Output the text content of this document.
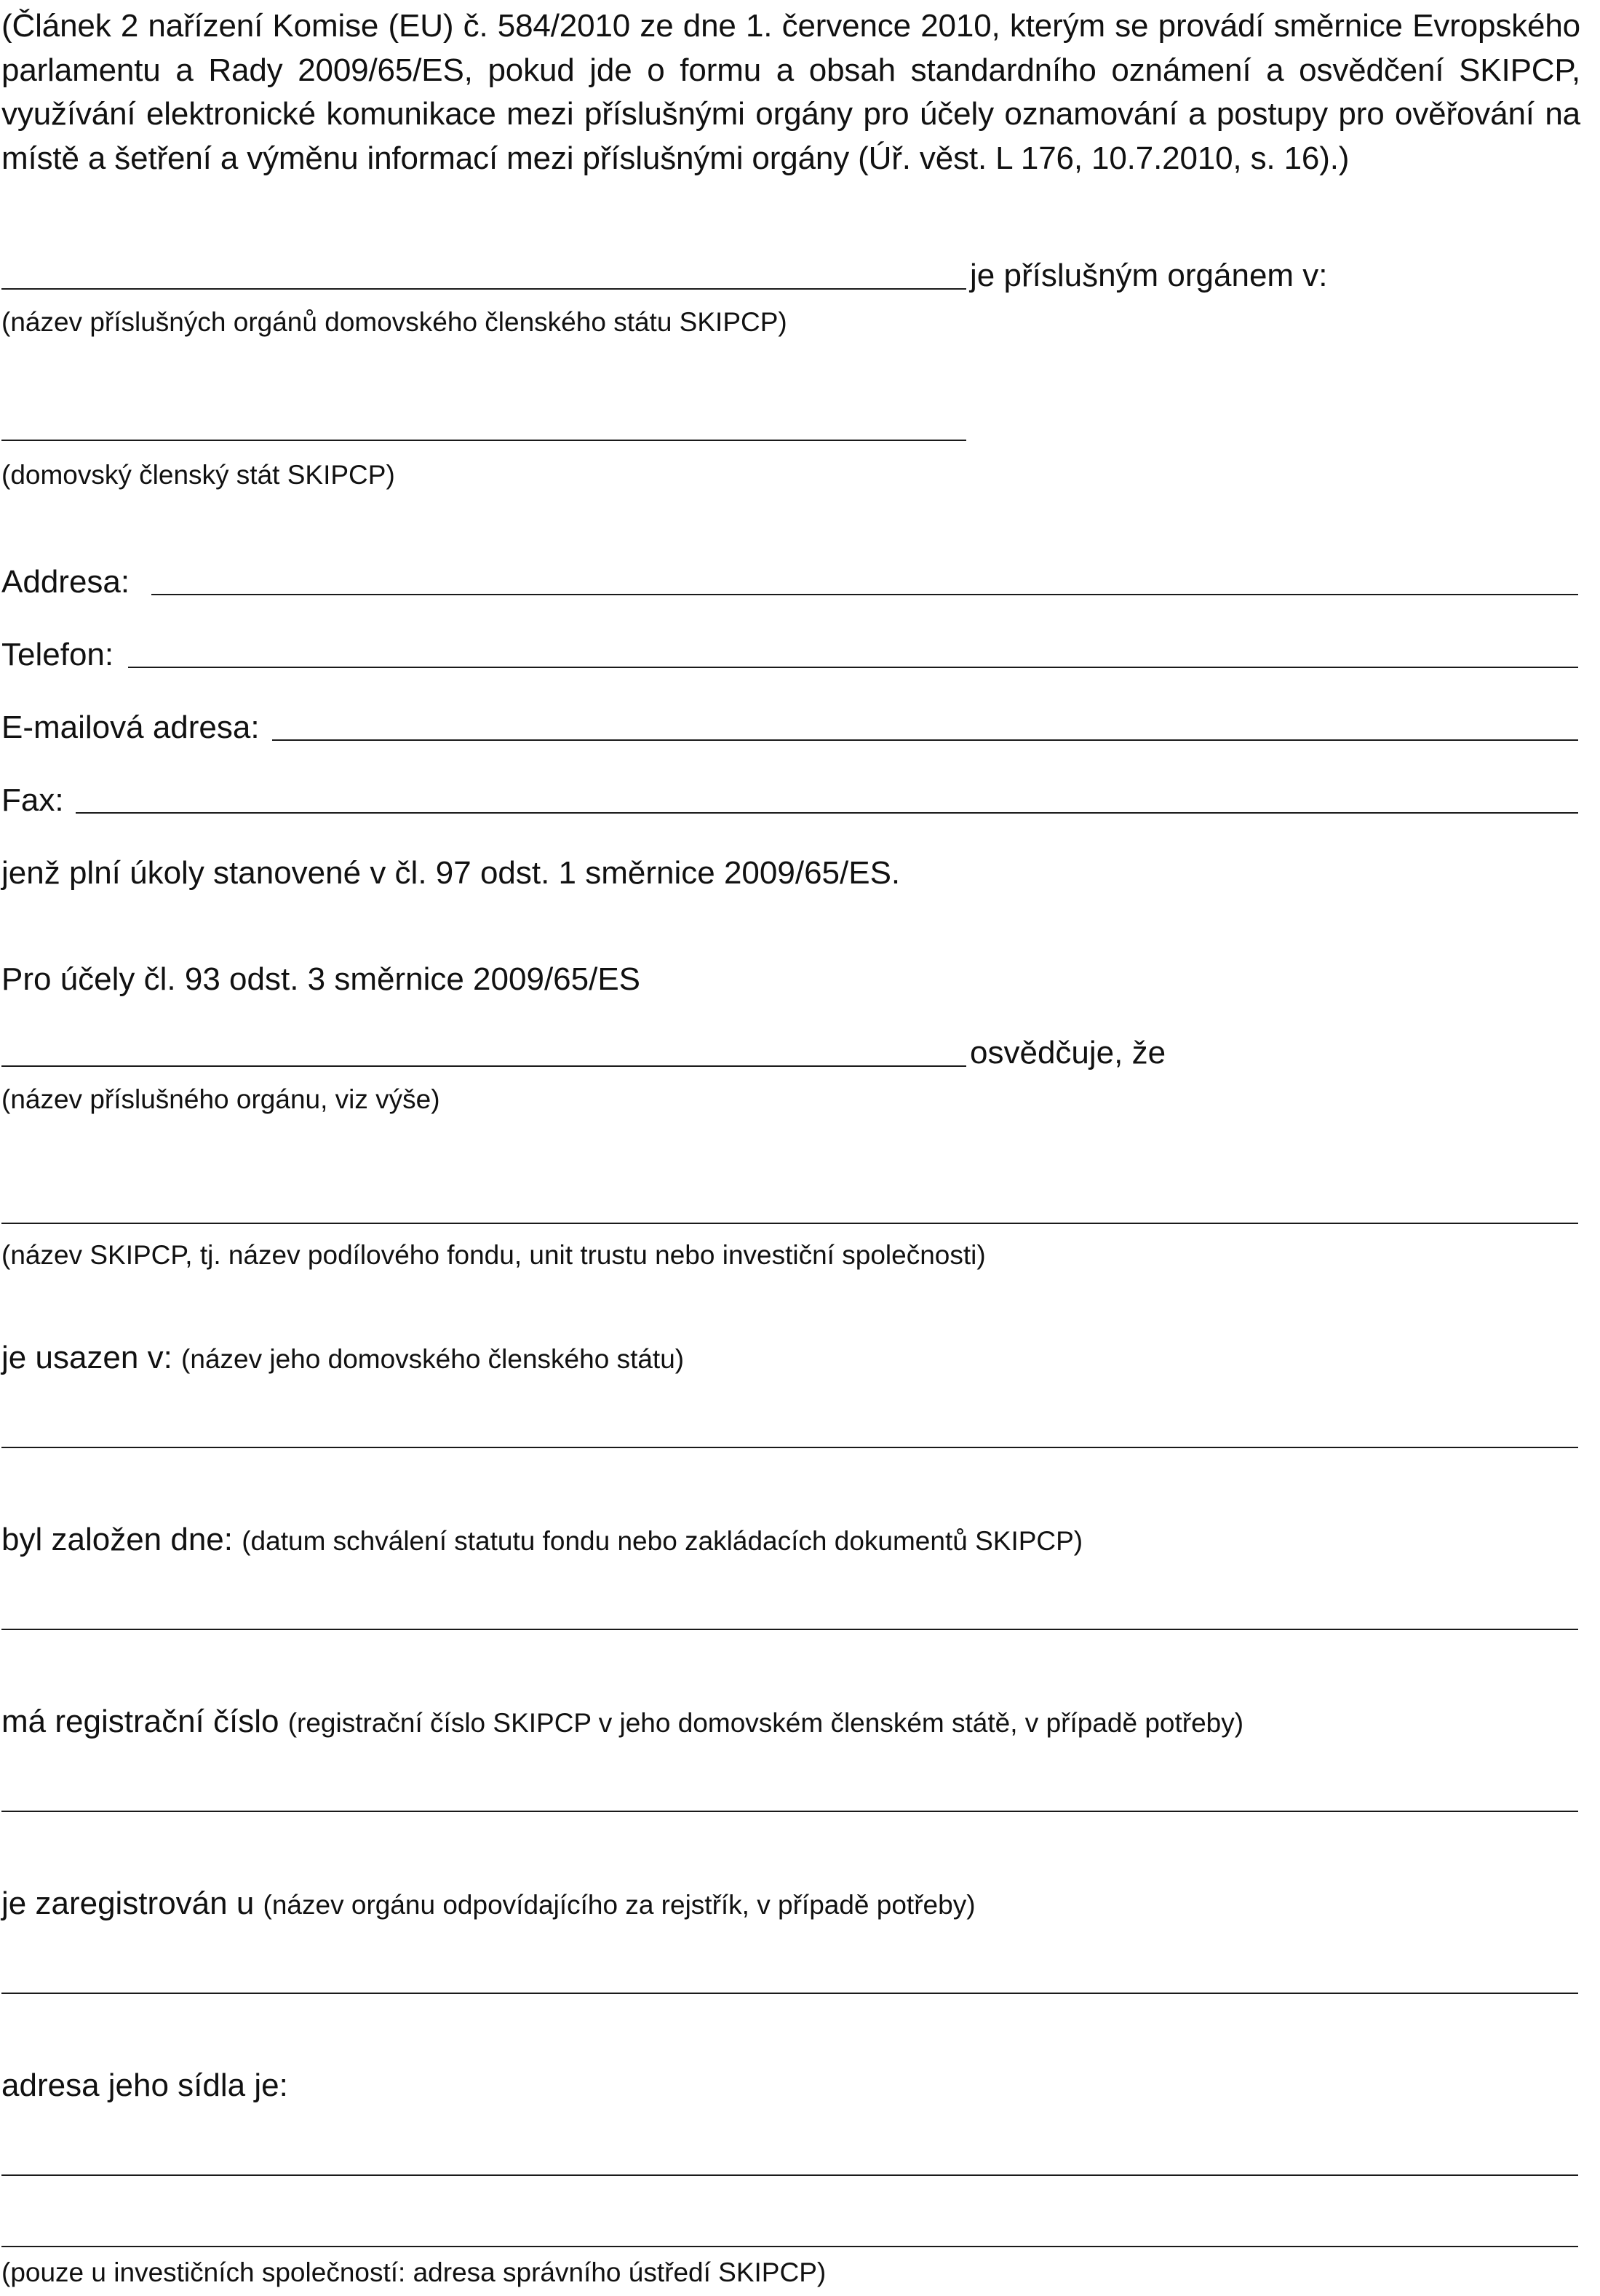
(Článek 2 nařízení Komise (EU) č. 584/2010 ze dne 1. července 2010, kterým se provádí směrnice Evropského parlamentu a Rady 2009/65/ES, pokud jde o formu a obsah standardního oznámení a osvědčení SKIPCP, využívání elektronické komunikace mezi příslušnými orgány pro účely oznamování a postupy pro ověřování na místě a šetření a výměnu informací mezi příslušnými orgány (Úř. věst. L 176, 10.7.2010, s. 16).)
je příslušným orgánem v:
(název příslušných orgánů domovského členského státu SKIPCP)
(domovský členský stát SKIPCP)
Addresa:
Telefon:
E-mailová adresa:
Fax:
jenž plní úkoly stanovené v čl. 97 odst. 1 směrnice 2009/65/ES.
Pro účely čl. 93 odst. 3 směrnice 2009/65/ES
osvědčuje, že
(název příslušného orgánu, viz výše)
(název SKIPCP, tj. název podílového fondu, unit trustu nebo investiční společnosti)
je usazen v: (název jeho domovského členského státu)
byl založen dne: (datum schválení statutu fondu nebo zakládacích dokumentů SKIPCP)
má registrační číslo (registrační číslo SKIPCP v jeho domovském členském státě, v případě potřeby)
je zaregistrován u (název orgánu odpovídajícího za rejstřík, v případě potřeby)
adresa jeho sídla je:
(pouze u investičních společností: adresa správního ústředí SKIPCP)
